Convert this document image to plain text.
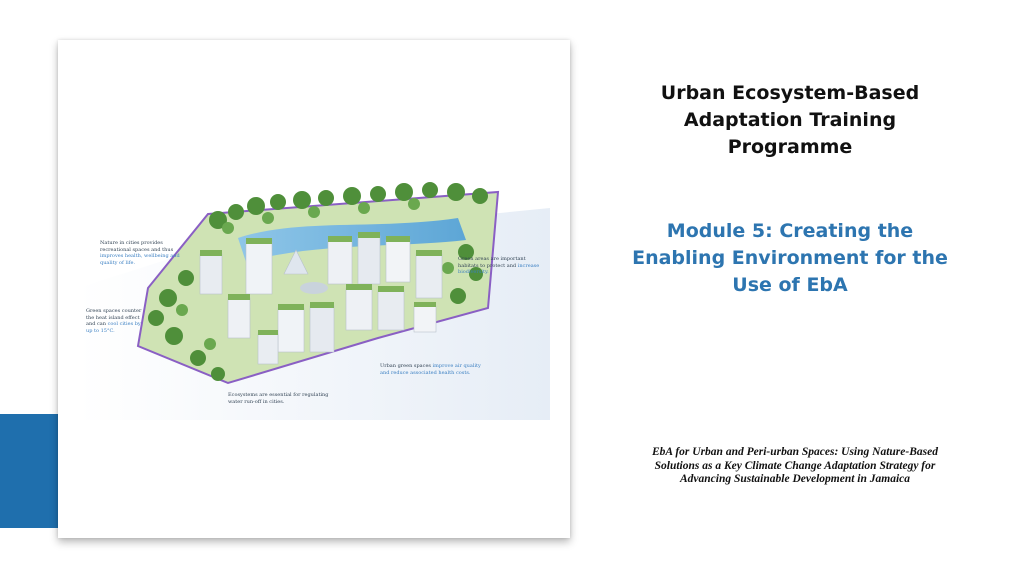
Nature in cities provides recreational spaces and thus improves health, wellbeing and quality of life.
Green areas are important habitats to protect and increase biodiversity.
Green spaces counter the heat island effect and can cool cities by up to 15°C.
Urban green spaces improve air quality and reduce associated health costs.
Ecosystems are essential for regulating water run-off in cities.
Urban Ecosystem-Based Adaptation Training Programme
Module 5: Creating the Enabling Environment for the Use of EbA
EbA for Urban and Peri-urban Spaces: Using Nature-Based Solutions as a Key Climate Change Adaptation Strategy for Advancing Sustainable Development in Jamaica
